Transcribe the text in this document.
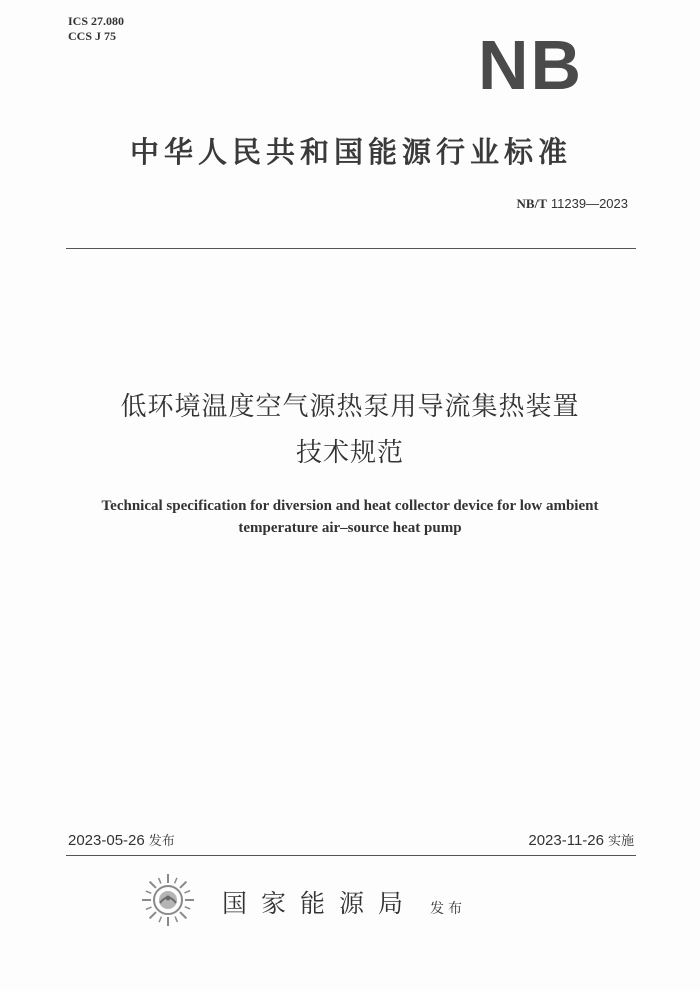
ICS 27.080
CCS J 75	NB
中华人民共和国能源行业标准
NB/T 11239—2023
低环境温度空气源热泵用导流集热装置
技术规范
Technical specification for diversion and heat collector device for low ambient
temperature air–source heat pump
2023-05-26 发布	2023-11-26 实施
国家能源局 发布
